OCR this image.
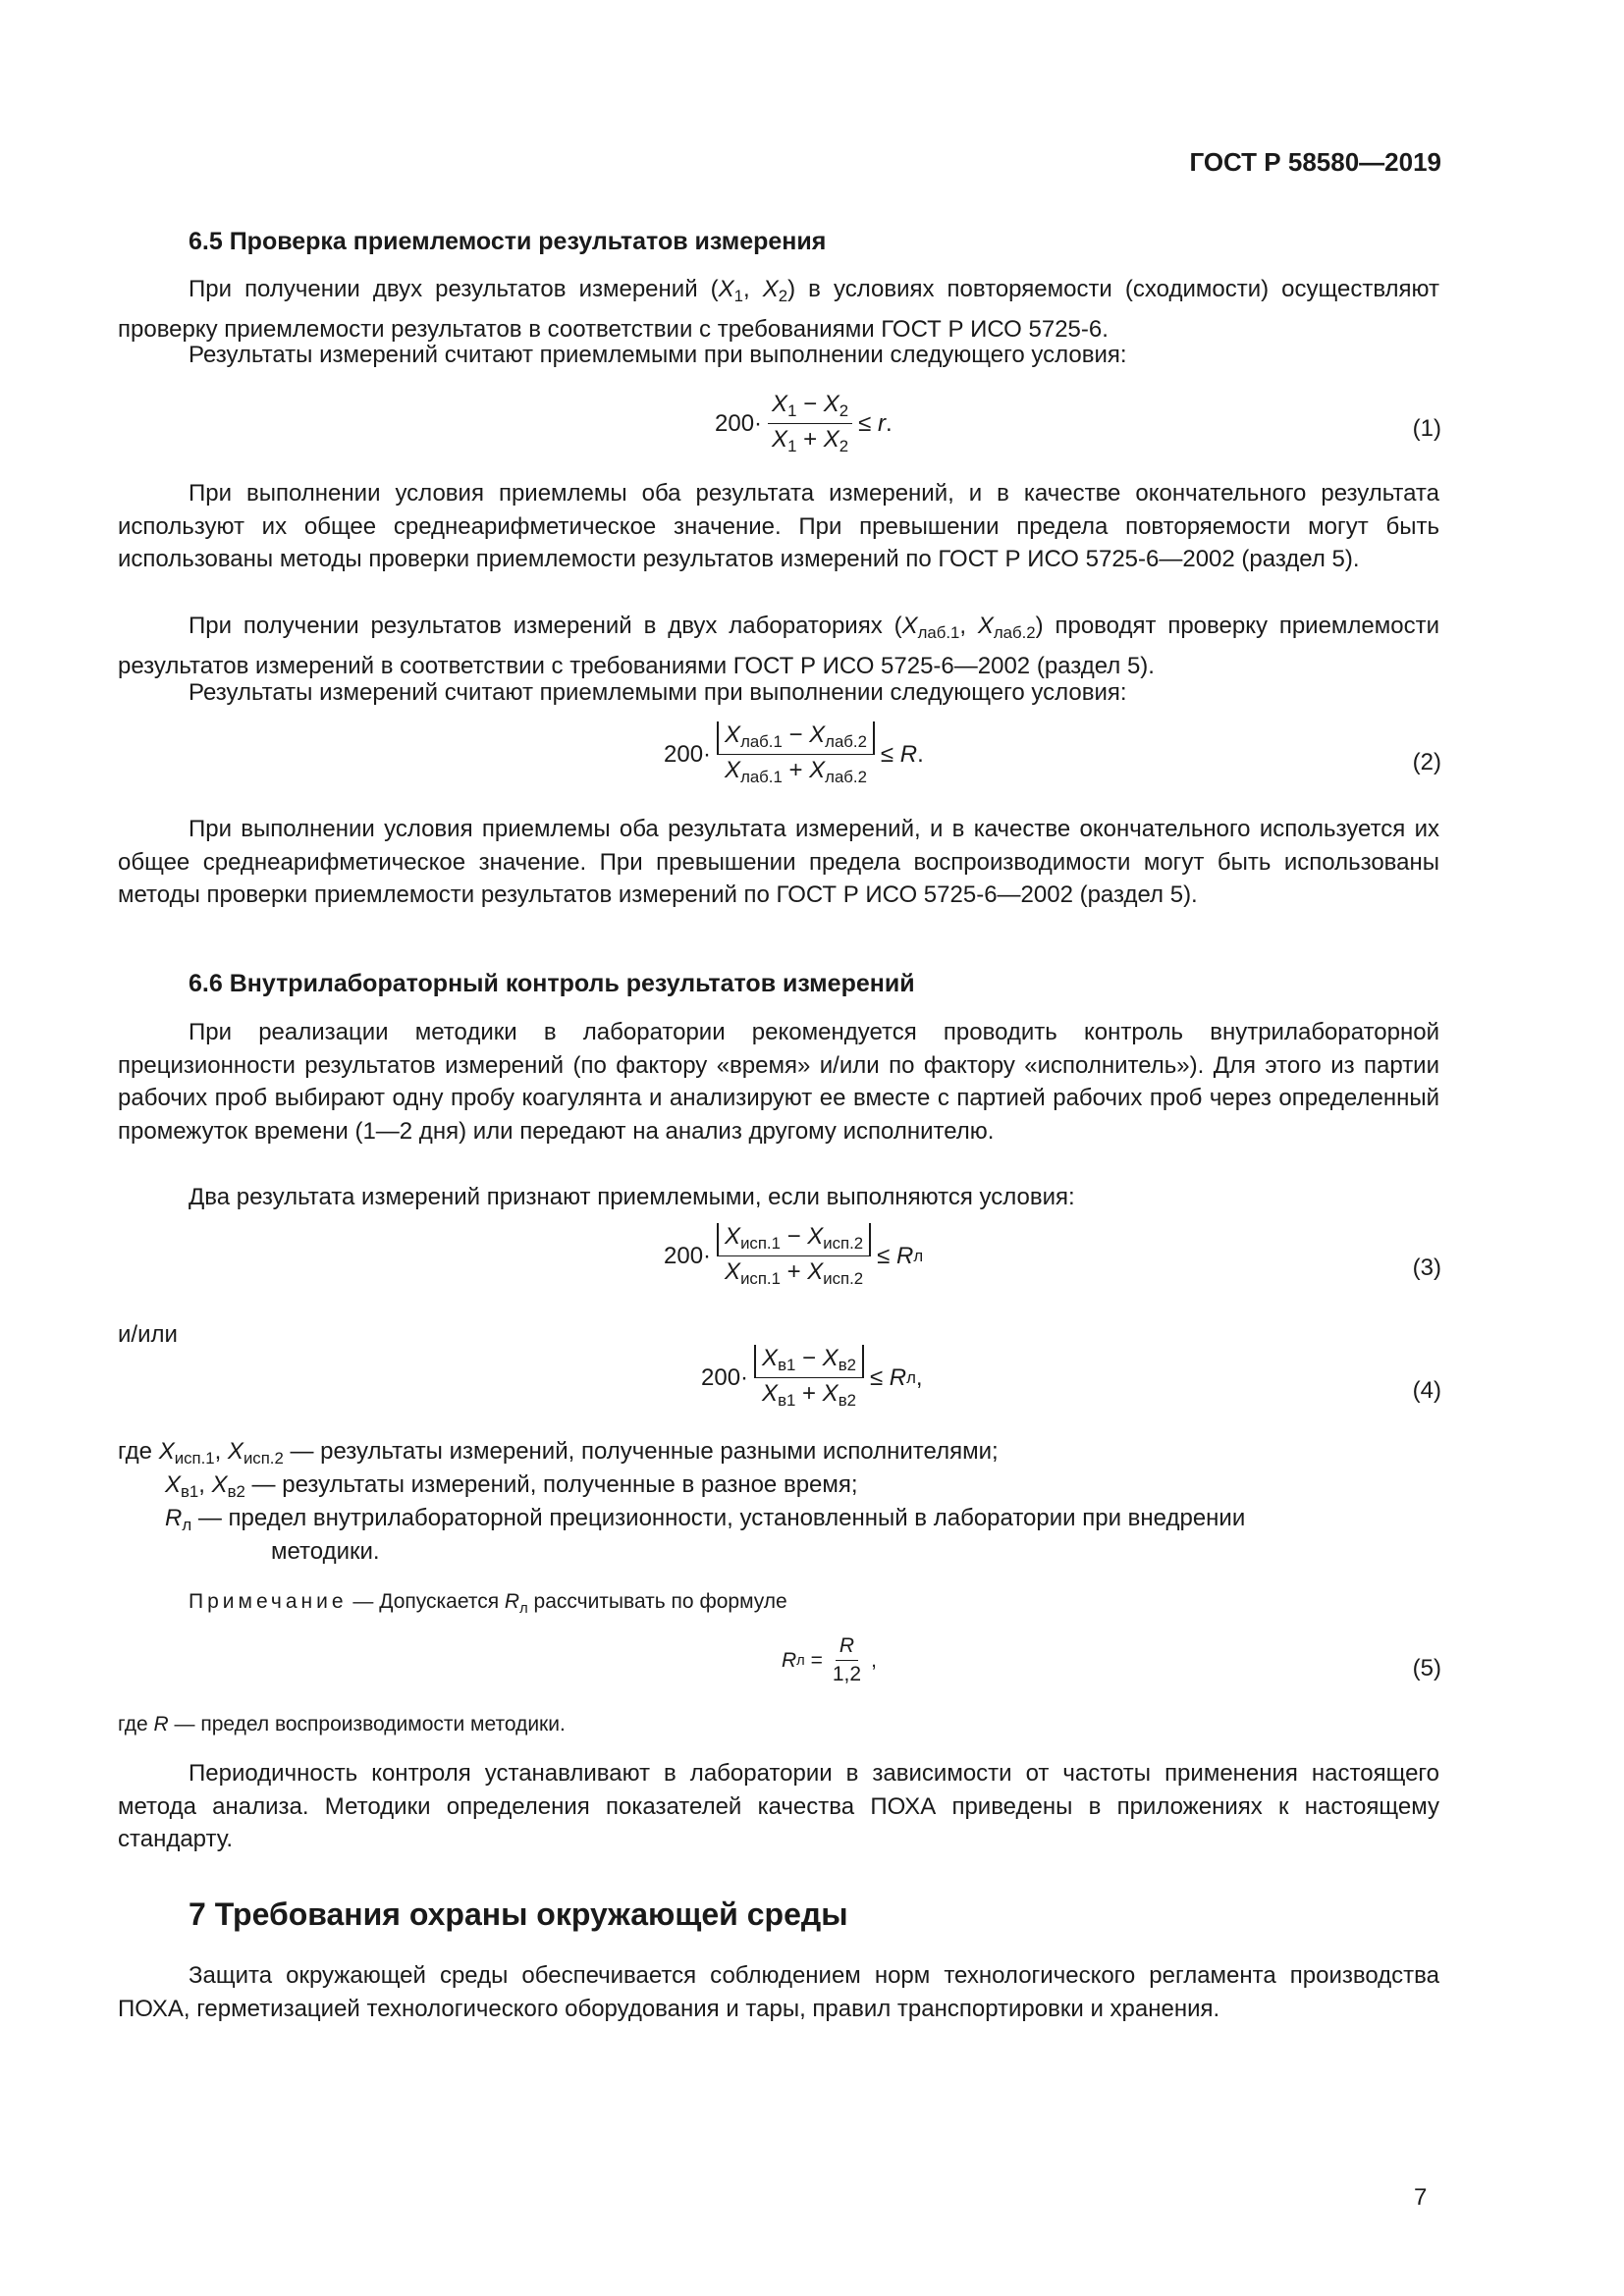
ГОСТ Р 58580—2019
6.5 Проверка приемлемости результатов измерения

При получении двух результатов измерений ($X_1$, $X_2$) в условиях повторяемости (сходимости) осуществляют проверку приемлемости результатов в соответствии с требованиями ГОСТ Р ИСО 5725-6.

Результаты измерений считают приемлемыми при выполнении следующего условия:

$200 \cdot \frac{X_1 - X_2}{X_1 + X_2}$ ≤
r .	(1)

При выполнении условия приемлемы оба результата измерений, и в качестве окончательного результата используют их общее среднеарифметическое значение. При превышении предела повторяемости могут быть использованы методы проверки приемлемости результатов измерений по ГОСТ Р ИСО 5725-6—2002 (раздел 5).

При получении результатов измерений в двух лабораториях ($X_{лаб.1}$, $X_{лаб.2}$) проводят проверку приемлемости результатов измерений в соответствии с требованиями ГОСТ Р ИСО 5725-6—2002 (раздел 5).

Результаты измерений считают приемлемыми при выполнении следующего условия:

$200 \cdot \frac{X_{лаб.1} - X_{лаб.2}}{X_{лаб.1} + X_{лаб.2}}$ ≤
R .	(2)

При выполнении условия приемлемы оба результата измерений, и в качестве окончательного используется их общее среднеарифметическое значение. При превышении предела воспроизводимости могут быть использованы методы проверки приемлемости результатов измерений по ГОСТ Р ИСО 5725-6—2002 (раздел 5).

6.6 Внутрилабораторный контроль результатов измерений

При реализации методики в лаборатории рекомендуется проводить контроль внутрилабораторной прецизионности результатов измерений (по фактору «время» и/или по фактору «исполнитель»). Для этого из партии рабочих проб выбирают одну пробу коагулянта и анализируют ее вместе с партией рабочих проб через определенный промежуток времени (1—2 дня) или передают на анализ другому исполнителю.

Два результата измерений признают приемлемыми, если выполняются условия:

$200 \cdot \frac{X_{исп.1} - X_{исп.2}}{X_{исп.1} + X_{исп.2}}$ ≤
R л	(3)
и/или
$200 \cdot \frac{X_{в1} - X_{в2}}{X_{в1} + X_{в2}}$ ≤
R л ,	(4)
где $X_{исп.1}$, $X_{исп.2}$ — результаты измерений, полученные разными исполнителями;
$X_{в1}$, $X_{в2}$ — результаты измерений, полученные в разное время;
$R_л$ — предел внутрилабораторной прецизионности, установленный в лаборатории при внедрении
методики.
Примечание — Допускается $R_л$ рассчитывать по формуле
R $л = \frac{R}{1,2}$ ,	(5)
где R — предел воспроизводимости методики.

Периодичность контроля устанавливают в лаборатории в зависимости от частоты применения настоящего метода анализа. Методики определения показателей качества ПОХА приведены в приложениях к настоящему стандарту.

7 Требования охраны окружающей среды

Защита окружающей среды обеспечивается соблюдением норм технологического регламента производства ПОХА, герметизацией технологического оборудования и тары, правил транспортировки и хранения.

7
